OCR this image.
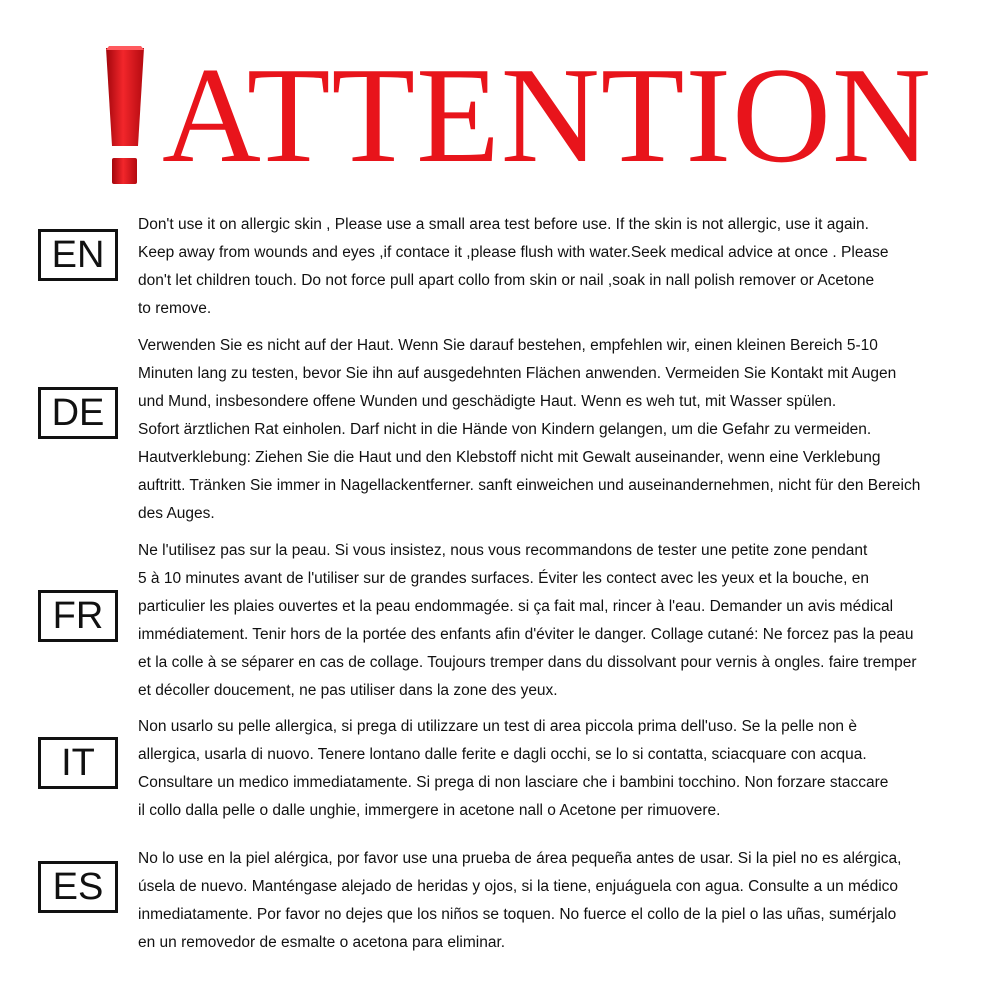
ATTENTION
EN
Don't use it on allergic skin , Please use a small area test before use. If the skin is not allergic, use it again.
Keep away from wounds and eyes ,if contace it ,please flush with water.Seek medical advice at once . Please
don't let children touch. Do not force pull apart collo from skin or nail ,soak in nall polish remover or Acetone
to remove.
DE
Verwenden Sie es nicht auf der Haut. Wenn Sie darauf bestehen, empfehlen wir, einen kleinen Bereich 5-10
Minuten lang zu testen, bevor Sie ihn auf ausgedehnten Flächen anwenden. Vermeiden Sie Kontakt mit Augen
und Mund, insbesondere offene Wunden und geschädigte Haut. Wenn es weh tut, mit Wasser spülen.
Sofort ärztlichen Rat einholen. Darf nicht in die Hände von Kindern gelangen, um die Gefahr zu vermeiden.
Hautverklebung: Ziehen Sie die Haut und den Klebstoff nicht mit Gewalt auseinander, wenn eine Verklebung
auftritt. Tränken Sie immer in Nagellackentferner. sanft einweichen und auseinandernehmen, nicht für den Bereich
des Auges.
FR
Ne l'utilisez pas sur la peau. Si vous insistez, nous vous recommandons de tester une petite zone pendant
5 à 10 minutes avant de l'utiliser sur de grandes surfaces. Éviter les contect avec les yeux et la bouche, en
particulier les plaies ouvertes et la peau endommagée. si ça fait mal, rincer à l'eau. Demander un avis médical
immédiatement. Tenir hors de la portée des enfants afin d'éviter le danger. Collage cutané: Ne forcez pas la peau
et la colle à se séparer en cas de collage. Toujours tremper dans du dissolvant pour vernis à ongles. faire tremper
et décoller doucement, ne pas utiliser dans la zone des yeux.
IT
Non usarlo su pelle allergica, si prega di utilizzare un test di area piccola prima dell'uso. Se la pelle non è
allergica, usarla di nuovo. Tenere lontano dalle ferite e dagli occhi, se lo si contatta, sciacquare con acqua.
Consultare un medico immediatamente. Si prega di non lasciare che i bambini tocchino. Non forzare staccare
il collo dalla pelle o dalle unghie, immergere in acetone nall o Acetone per rimuovere.
ES
No lo use en la piel alérgica, por favor use una prueba de área pequeña antes de usar. Si la piel no es alérgica,
úsela de nuevo. Manténgase alejado de heridas y ojos, si la tiene, enjuáguela con agua. Consulte a un médico
inmediatamente. Por favor no dejes que los niños se toquen. No fuerce el collo de la piel o las uñas, sumérjalo
en un removedor de esmalte o acetona para eliminar.
